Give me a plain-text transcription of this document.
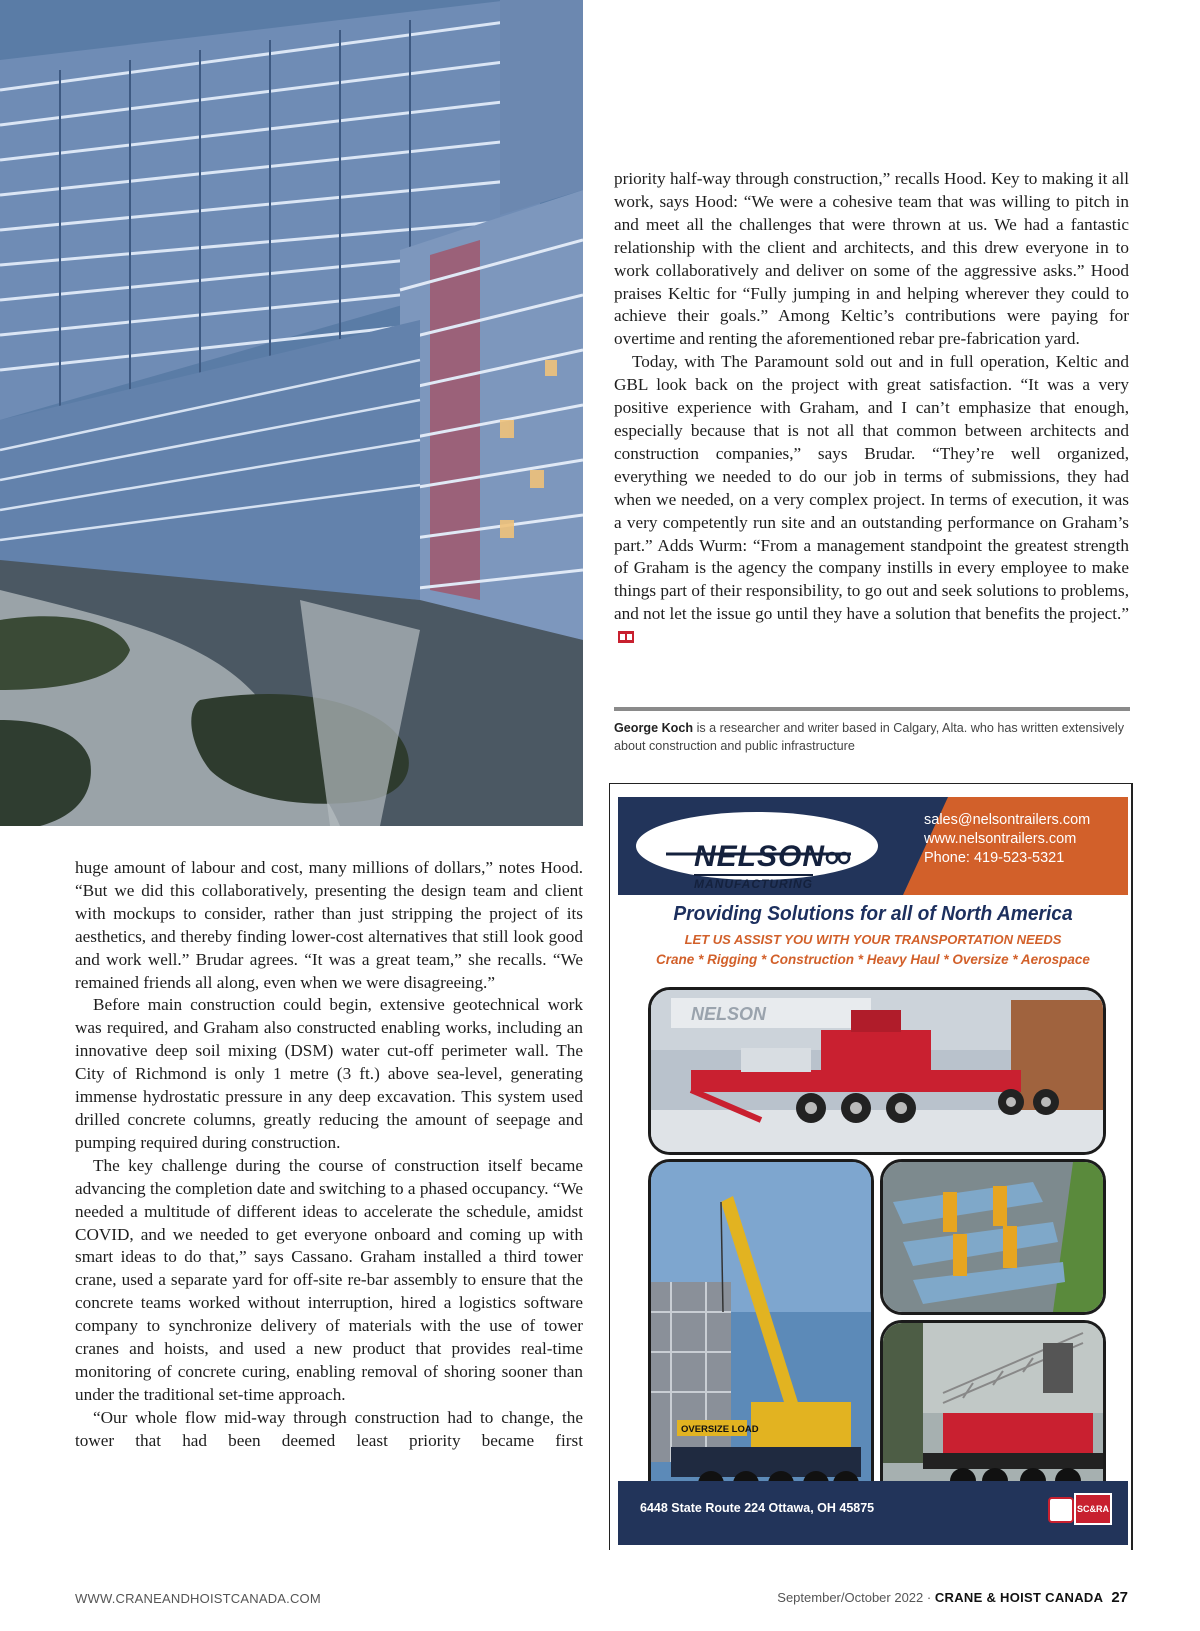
huge amount of labour and cost, many millions of dollars,” notes Hood. “But we did this collaboratively, presenting the design team and client with mockups to consider, rather than just stripping the project of its aesthetics, and thereby finding lower-cost alternatives that still look good and work well.” Brudar agrees. “It was a great team,” she recalls. “We remained friends all along, even when we were disagreeing.”

Before main construction could begin, extensive geotechnical work was required, and Graham also constructed enabling works, including an innovative deep soil mixing (DSM) water cut-off perimeter wall. The City of Richmond is only 1 metre (3 ft.) above sea-level, generating immense hydrostatic pressure in any deep excavation. This system used drilled concrete columns, greatly reducing the amount of seepage and pumping required during construction.

The key challenge during the course of construction itself became advancing the completion date and switching to a phased occupancy. “We needed a multitude of different ideas to accelerate the schedule, amidst COVID, and we needed to get everyone onboard and coming up with smart ideas to do that,” says Cassano. Graham installed a third tower crane, used a separate yard for off-site re-bar assembly to ensure that the concrete teams worked without interruption, hired a logistics software company to synchronize delivery of materials with the use of tower cranes and hoists, and used a new product that provides real-time monitoring of concrete curing, enabling removal of shoring sooner than under the traditional set-time approach.

“Our whole flow mid-way through construction had to change, the tower that had been deemed least priority became first

priority half-way through construction,” recalls Hood. Key to making it all work, says Hood: “We were a cohesive team that was willing to pitch in and meet all the challenges that were thrown at us. We had a fantastic relationship with the client and architects, and this drew everyone in to work collaboratively and deliver on some of the aggressive asks.” Hood praises Keltic for “Fully jumping in and helping wherever they could to achieve their goals.” Among Keltic’s contributions were paying for overtime and renting the aforementioned rebar pre-fabrication yard.

Today, with The Paramount sold out and in full operation, Keltic and GBL look back on the project with great satisfaction. “It was a very positive experience with Graham, and I can’t emphasize that enough, especially because that is not all that common between architects and construction companies,” says Brudar. “They’re well organized, everything we needed to do our job in terms of submissions, they had when we needed, on a very complex project. In terms of execution, it was a very competently run site and an outstanding performance on Graham’s part.” Adds Wurm: “From a management standpoint the greatest strength of Graham is the agency the company instills in every employee to make things part of their responsibility, to go out and seek solutions to problems, and not let the issue go until they have a solution that benefits the project.”

George Koch is a researcher and writer based in Calgary, Alta. who has written extensively about construction and public infrastructure
NELSON
MANUFACTURING
sales@nelsontrailers.com
www.nelsontrailers.com
Phone: 419-523-5321
Providing Solutions for all of North America
LET US ASSIST YOU WITH YOUR TRANSPORTATION NEEDS
Crane * Rigging * Construction * Heavy Haul * Oversize * Aerospace
NELSON
OVERSIZE LOAD
6448 State Route 224 Ottawa, OH 45875	SC&RA
WWW.CRANEANDHOISTCANADA.COM	September/October 2022 · CRANE & HOIST CANADA 27
